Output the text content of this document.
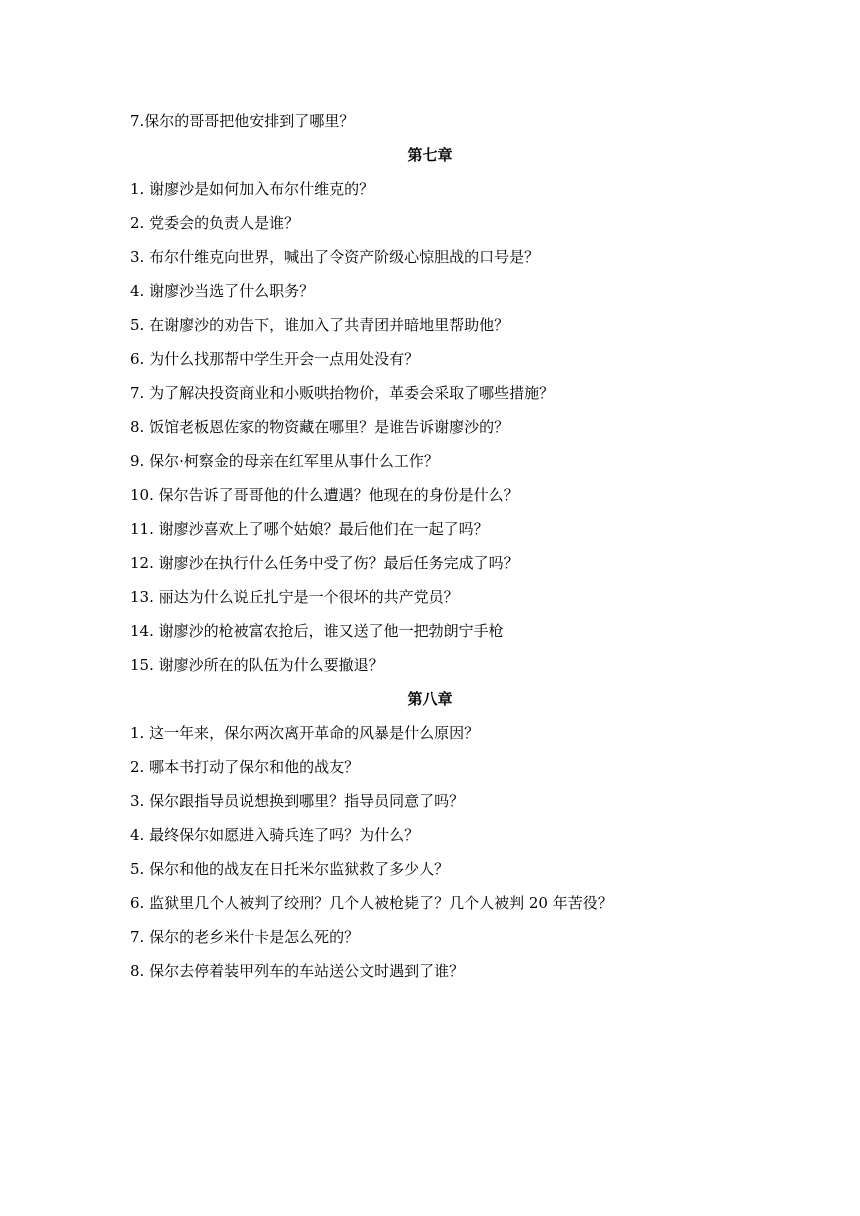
7.保尔的哥哥把他安排到了哪里？
第七章
1. 谢廖沙是如何加入布尔什维克的？
2. 党委会的负责人是谁？
3. 布尔什维克向世界，喊出了令资产阶级心惊胆战的口号是？
4. 谢廖沙当选了什么职务？
5. 在谢廖沙的劝告下，谁加入了共青团并暗地里帮助他？
6. 为什么找那帮中学生开会一点用处没有？
7. 为了解决投资商业和小贩哄抬物价，革委会采取了哪些措施？
8. 饭馆老板恩佐家的物资藏在哪里？是谁告诉谢廖沙的？
9. 保尔·柯察金的母亲在红军里从事什么工作？
10. 保尔告诉了哥哥他的什么遭遇？他现在的身份是什么？
11. 谢廖沙喜欢上了哪个姑娘？最后他们在一起了吗？
12. 谢廖沙在执行什么任务中受了伤？最后任务完成了吗？
13. 丽达为什么说丘扎宁是一个很坏的共产党员？
14. 谢廖沙的枪被富农抢后，谁又送了他一把勃朗宁手枪
15. 谢廖沙所在的队伍为什么要撤退？
第八章
1. 这一年来，保尔两次离开革命的风暴是什么原因？
2. 哪本书打动了保尔和他的战友？
3. 保尔跟指导员说想换到哪里？指导员同意了吗？
4. 最终保尔如愿进入骑兵连了吗？为什么？
5. 保尔和他的战友在日托米尔监狱救了多少人？
6. 监狱里几个人被判了绞刑？几个人被枪毙了？几个人被判 20 年苦役？
7. 保尔的老乡米什卡是怎么死的？
8. 保尔去停着装甲列车的车站送公文时遇到了谁？
